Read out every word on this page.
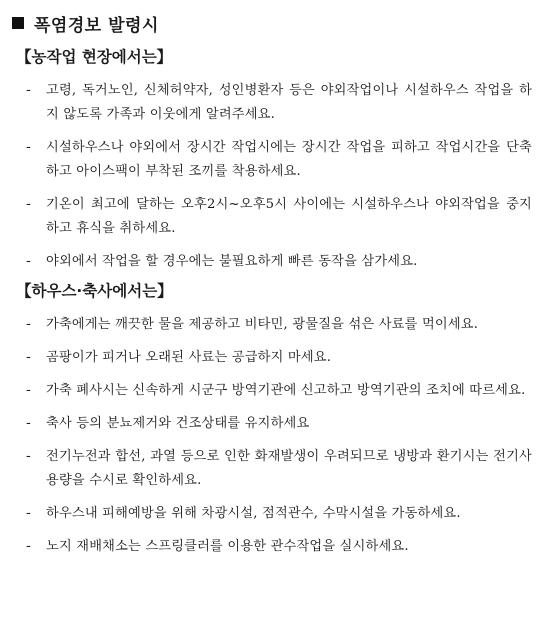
폭염경보 발령시
【농작업 현장에서는】
- 고령, 독거노인, 신체허약자, 성인병환자 등은 야외작업이나 시설하우스 작업을 하지 않도록 가족과 이웃에게 알려주세요.
- 시설하우스나 야외에서 장시간 작업시에는 장시간 작업을 피하고 작업시간을 단축하고 아이스팩이 부착된 조끼를 착용하세요.
- 기온이 최고에 달하는 오후2시~오후5시 사이에는 시설하우스나 야외작업을 중지하고 휴식을 취하세요.
- 야외에서 작업을 할 경우에는 불필요하게 빠른 동작을 삼가세요.
【하우스·축사에서는】
- 가축에게는 깨끗한 물을 제공하고 비타민, 광물질을 섞은 사료를 먹이세요.
- 곰팡이가 피거나 오래된 사료는 공급하지 마세요.
- 가축 폐사시는 신속하게 시군구 방역기관에 신고하고 방역기관의 조치에 따르세요.
- 축사 등의 분뇨제거와 건조상태를 유지하세요
- 전기누전과 합선, 과열 등으로 인한 화재발생이 우려되므로 냉방과 환기시는 전기사용량을 수시로 확인하세요.
- 하우스내 피해예방을 위해 차광시설, 점적관수, 수막시설을 가동하세요.
- 노지 재배채소는 스프링클러를 이용한 관수작업을 실시하세요.
